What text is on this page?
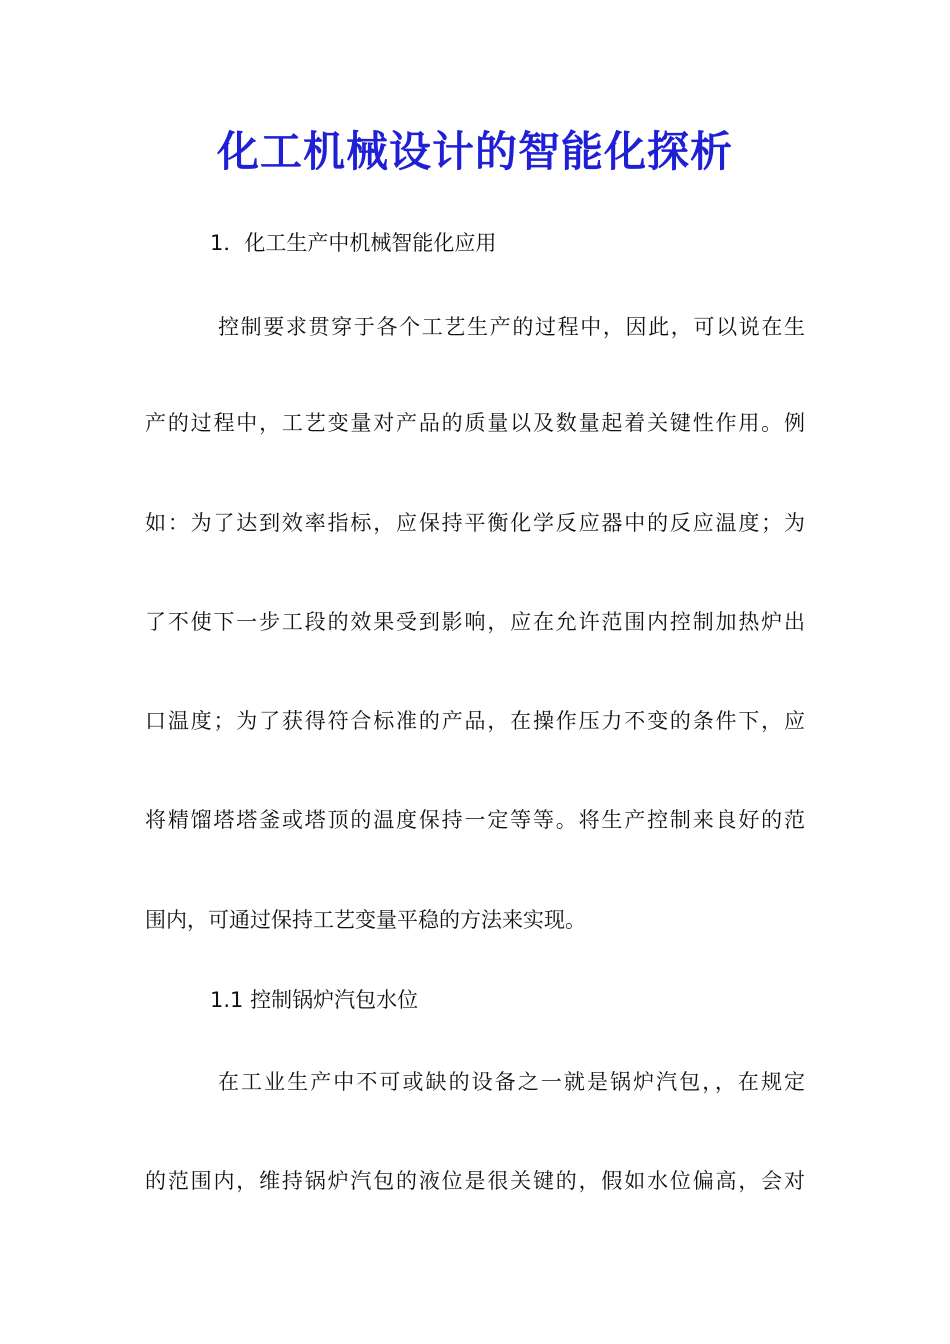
化工机械设计的智能化探析
1．化工生产中机械智能化应用
控制要求贯穿于各个工艺生产的过程中，因此，可以说在生
产的过程中，工艺变量对产品的质量以及数量起着关键性作用。例
如：为了达到效率指标，应保持平衡化学反应器中的反应温度；为
了不使下一步工段的效果受到影响，应在允许范围内控制加热炉出
口温度；为了获得符合标准的产品，在操作压力不变的条件下，应
将精馏塔塔釜或塔顶的温度保持一定等等。将生产控制来良好的范
围内，可通过保持工艺变量平稳的方法来实现。
1.1 控制锅炉汽包水位
在工业生产中不可或缺的设备之一就是锅炉汽包，，在规定
的范围内，维持锅炉汽包的液位是很关键的，假如水位偏高，会对
